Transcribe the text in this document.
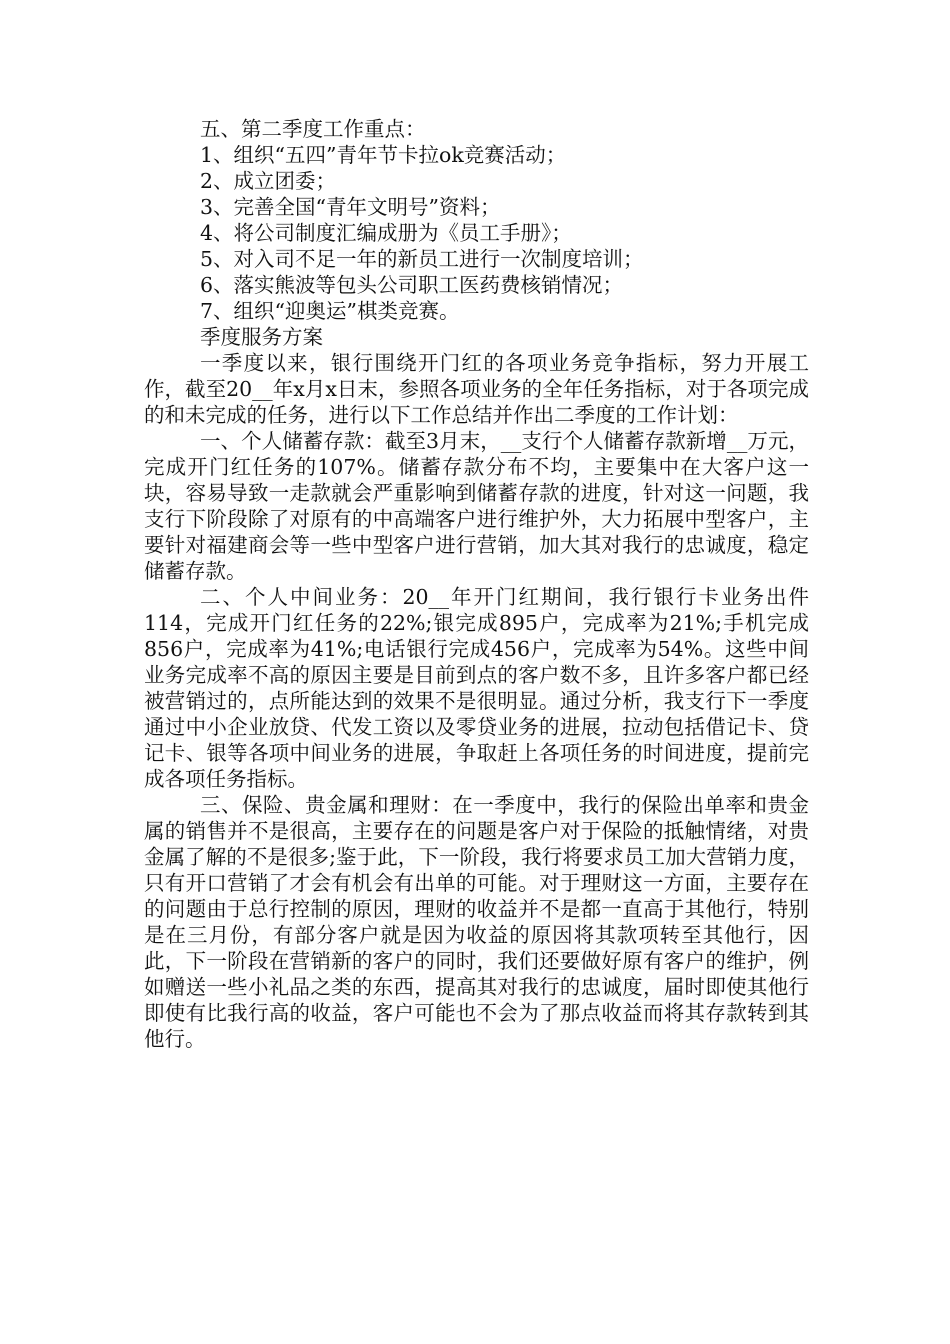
五、第二季度工作重点：

1、组织“五四”青年节卡拉ok竞赛活动；

2、成立团委；

3、完善全国“青年文明号”资料；

4、将公司制度汇编成册为《员工手册》；

5、对入司不足一年的新员工进行一次制度培训；

6、落实熊波等包头公司职工医药费核销情况；

7、组织“迎奥运”棋类竞赛。

季度服务方案

一季度以来，银行围绕开门红的各项业务竞争指标，努力开展工作，截至20__年x月x日末，参照各项业务的全年任务指标，对于各项完成的和未完成的任务，进行以下工作总结并作出二季度的工作计划：

一、个人储蓄存款：截至3月末，__支行个人储蓄存款新增__万元，完成开门红任务的107%。储蓄存款分布不均，主要集中在大客户这一块，容易导致一走款就会严重影响到储蓄存款的进度，针对这一问题，我支行下阶段除了对原有的中高端客户进行维护外，大力拓展中型客户，主要针对福建商会等一些中型客户进行营销，加大其对我行的忠诚度，稳定储蓄存款。

二、个人中间业务：20__年开门红期间，我行银行卡业务出件114，完成开门红任务的22%;银完成895户，完成率为21%;手机完成856户，完成率为41%;电话银行完成456户，完成率为54%。这些中间业务完成率不高的原因主要是目前到点的客户数不多，且许多客户都已经被营销过的，点所能达到的效果不是很明显。通过分析，我支行下一季度通过中小企业放贷、代发工资以及零贷业务的进展，拉动包括借记卡、贷记卡、银等各项中间业务的进展，争取赶上各项任务的时间进度，提前完成各项任务指标。

三、保险、贵金属和理财：在一季度中，我行的保险出单率和贵金属的销售并不是很高，主要存在的问题是客户对于保险的抵触情绪，对贵金属了解的不是很多;鉴于此，下一阶段，我行将要求员工加大营销力度，只有开口营销了才会有机会有出单的可能。对于理财这一方面，主要存在的问题由于总行控制的原因，理财的收益并不是都一直高于其他行，特别是在三月份，有部分客户就是因为收益的原因将其款项转至其他行，因此，下一阶段在营销新的客户的同时，我们还要做好原有客户的维护，例如赠送一些小礼品之类的东西，提高其对我行的忠诚度，届时即使其他行即使有比我行高的收益，客户可能也不会为了那点收益而将其存款转到其他行。
